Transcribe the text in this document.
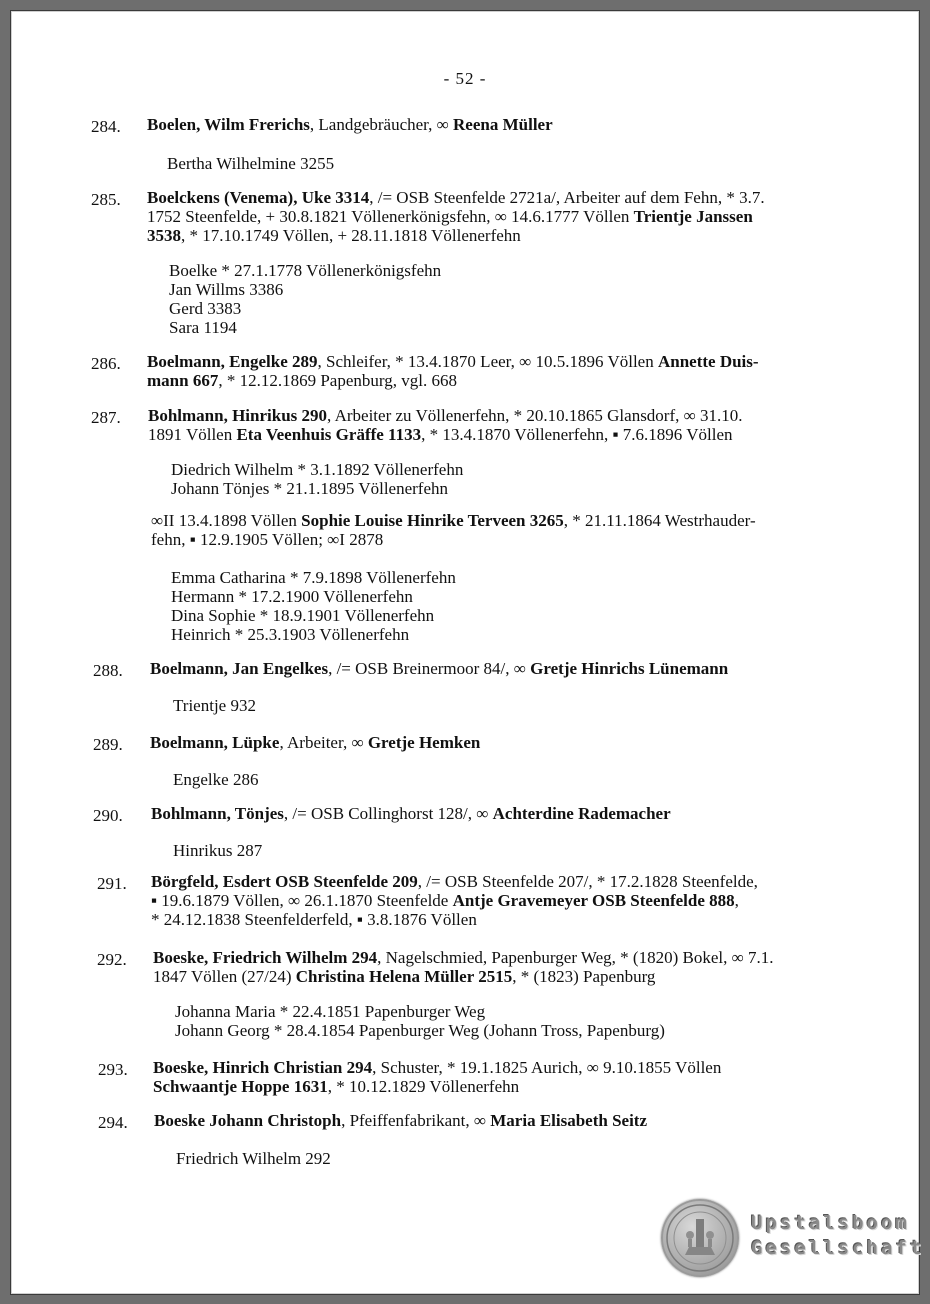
- 52 -
284.	Boelen, Wilm Frerichs, Landgebräucher, ∞ Reena Müller
Bertha Wilhelmine 3255
285.	Boelckens (Venema), Uke 3314, /= OSB Steenfelde 2721a/, Arbeiter auf dem Fehn, * 3.7.
1752 Steenfelde, + 30.8.1821 Völlenerkönigsfehn, ∞ 14.6.1777 Völlen Trientje Janssen
3538, * 17.10.1749 Völlen, + 28.11.1818 Völlenerfehn
Boelke * 27.1.1778 Völlenerkönigsfehn
Jan Willms 3386
Gerd 3383
Sara 1194
286.	Boelmann, Engelke 289, Schleifer, * 13.4.1870 Leer, ∞ 10.5.1896 Völlen Annette Duis-
mann 667, * 12.12.1869 Papenburg, vgl. 668
287.	Bohlmann, Hinrikus 290, Arbeiter zu Völlenerfehn, * 20.10.1865 Glansdorf, ∞ 31.10.
1891 Völlen Eta Veenhuis Gräffe 1133, * 13.4.1870 Völlenerfehn, ▪ 7.6.1896 Völlen
Diedrich Wilhelm * 3.1.1892 Völlenerfehn
Johann Tönjes * 21.1.1895 Völlenerfehn
∞II 13.4.1898 Völlen Sophie Louise Hinrike Terveen 3265, * 21.11.1864 Westrhauder-
fehn, ▪ 12.9.1905 Völlen; ∞I 2878
Emma Catharina * 7.9.1898 Völlenerfehn
Hermann * 17.2.1900 Völlenerfehn
Dina Sophie * 18.9.1901 Völlenerfehn
Heinrich * 25.3.1903 Völlenerfehn
288.	Boelmann, Jan Engelkes, /= OSB Breinermoor 84/, ∞ Gretje Hinrichs Lünemann
Trientje 932
289.	Boelmann, Lüpke, Arbeiter, ∞ Gretje Hemken
Engelke 286
290.	Bohlmann, Tönjes, /= OSB Collinghorst 128/, ∞ Achterdine Rademacher
Hinrikus 287
291.	Börgfeld, Esdert OSB Steenfelde 209, /= OSB Steenfelde 207/, * 17.2.1828 Steenfelde,
▪ 19.6.1879 Völlen, ∞ 26.1.1870 Steenfelde Antje Gravemeyer OSB Steenfelde 888,
* 24.12.1838 Steenfelderfeld, ▪ 3.8.1876 Völlen
292.	Boeske, Friedrich Wilhelm 294, Nagelschmied, Papenburger Weg, * (1820) Bokel, ∞ 7.1.
1847 Völlen (27/24) Christina Helena Müller 2515, * (1823) Papenburg
Johanna Maria * 22.4.1851 Papenburger Weg
Johann Georg * 28.4.1854 Papenburger Weg (Johann Tross, Papenburg)
293.	Boeske, Hinrich Christian 294, Schuster, * 19.1.1825 Aurich, ∞ 9.10.1855 Völlen
Schwaantje Hoppe 1631, * 10.12.1829 Völlenerfehn
294.	Boeske Johann Christoph, Pfeiffenfabrikant, ∞ Maria Elisabeth Seitz
Friedrich Wilhelm 292
Upstalsboom
Gesellschaft
